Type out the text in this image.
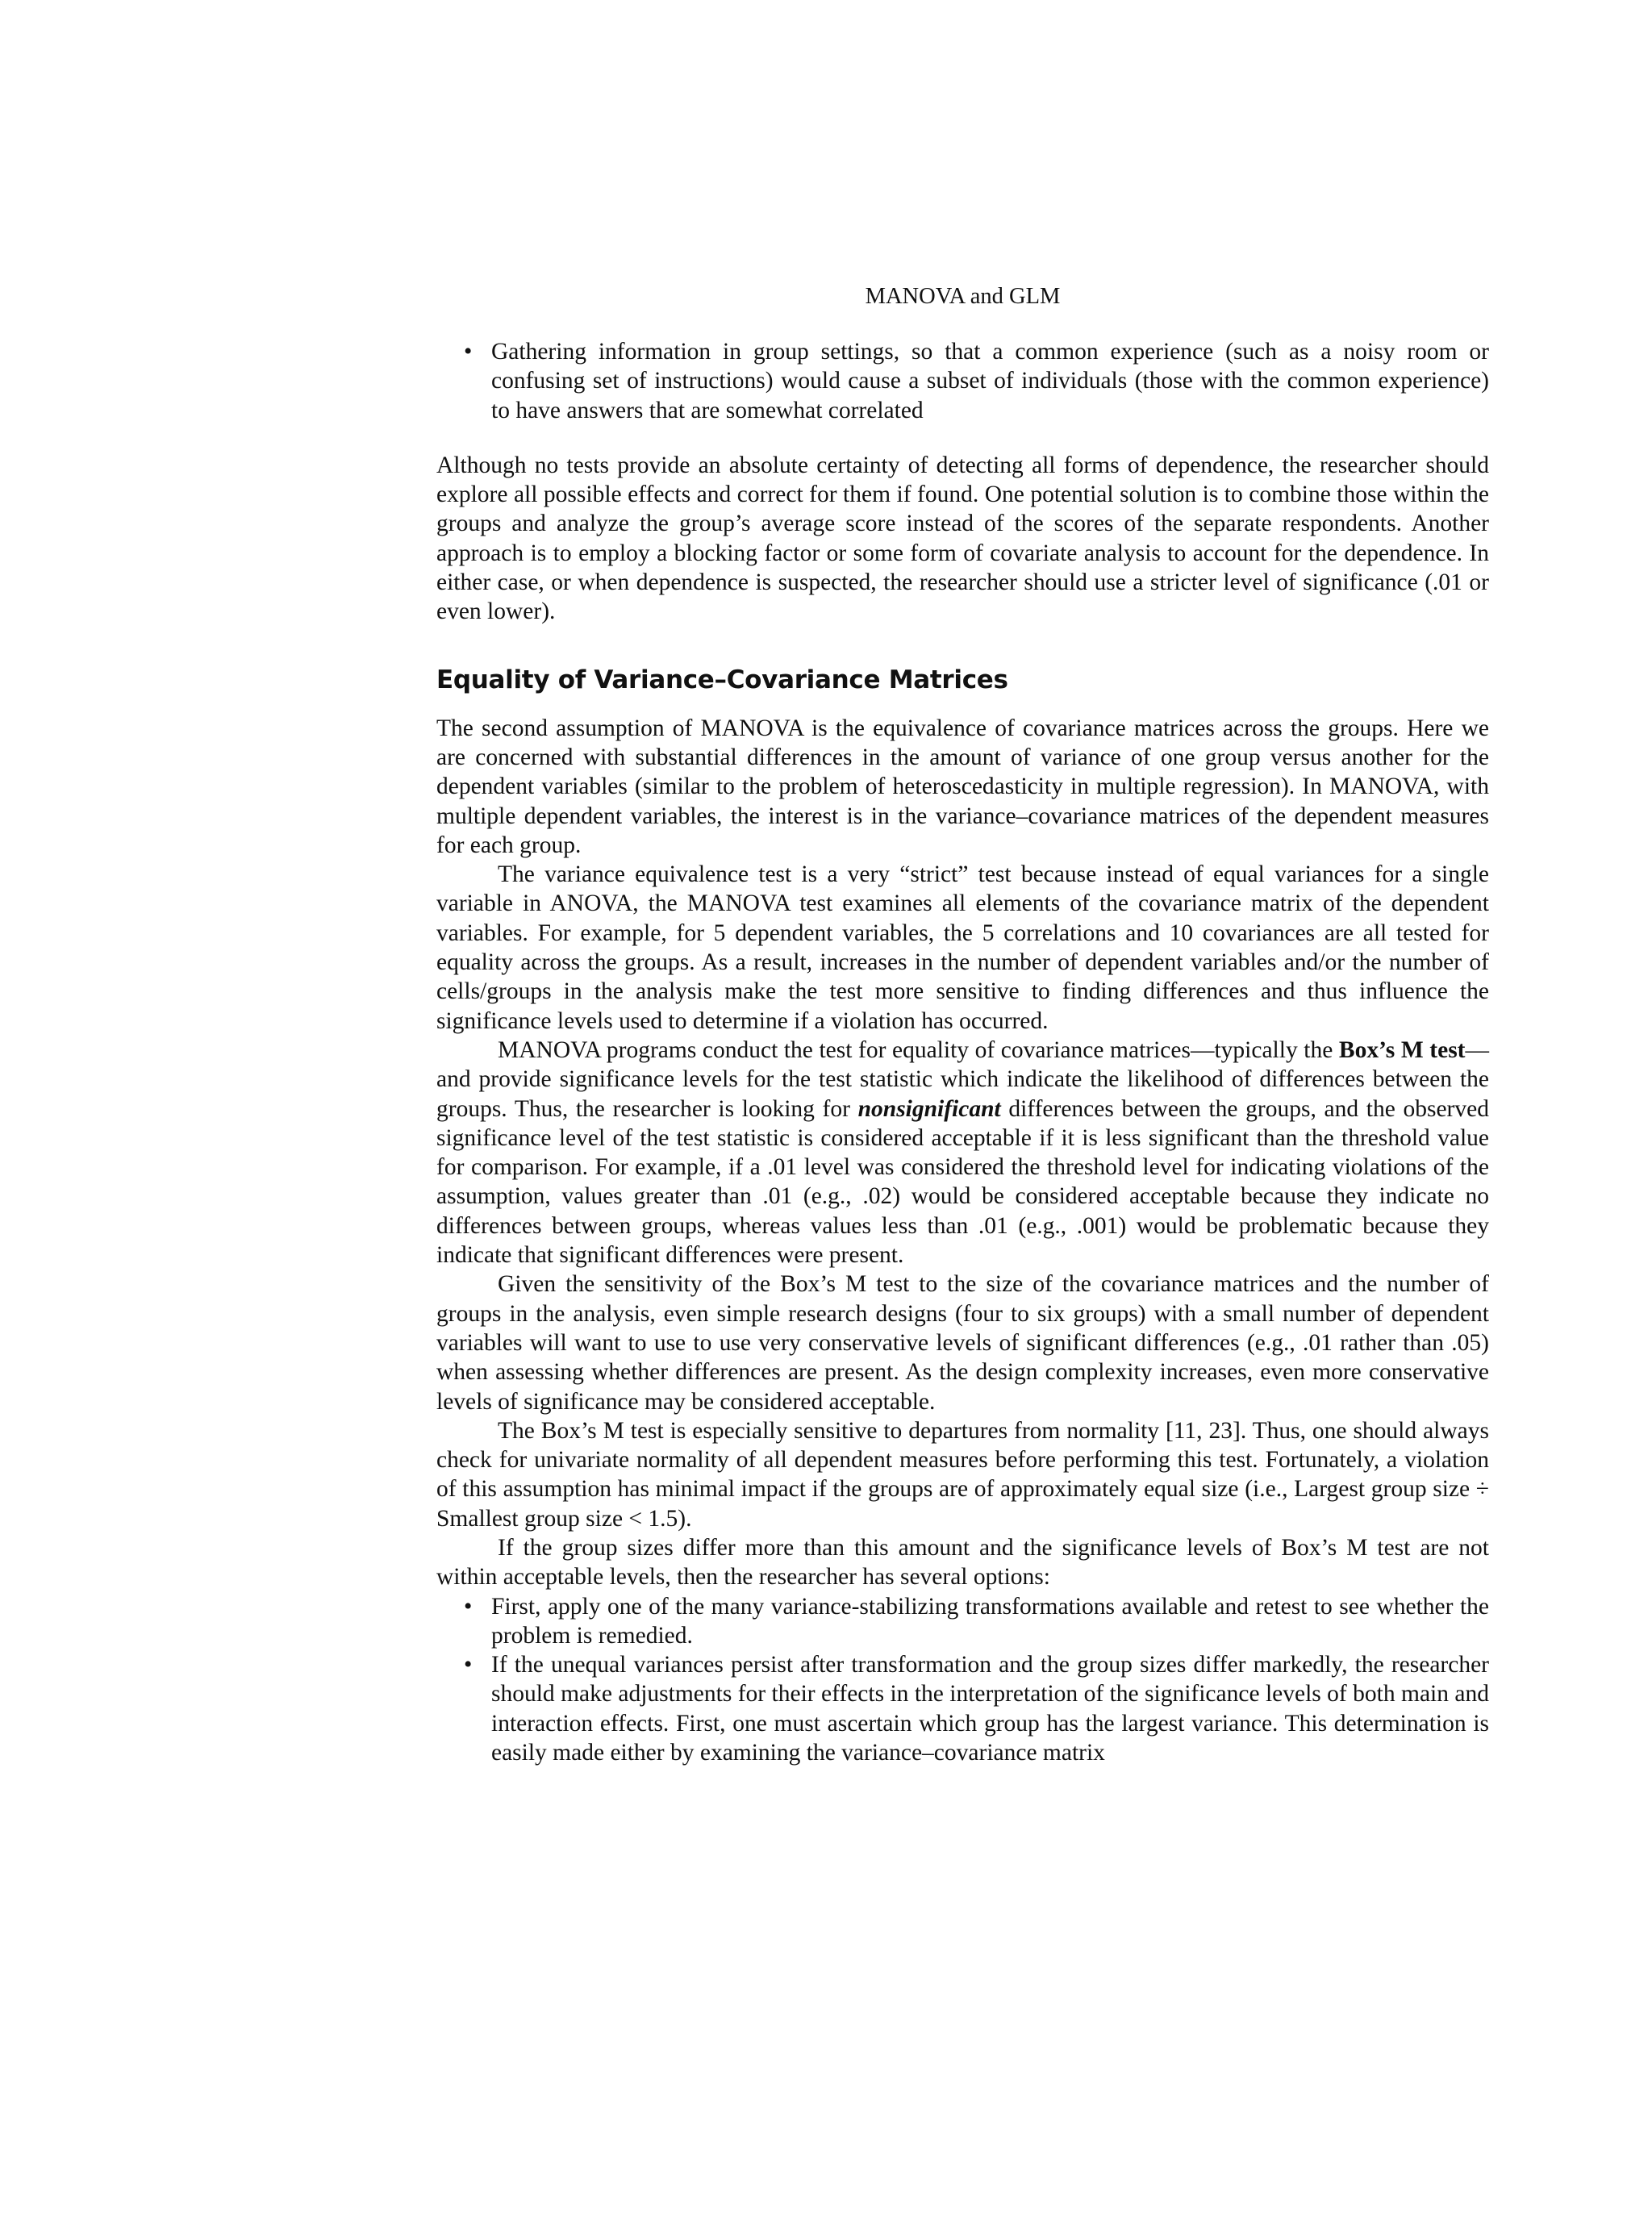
MANOVA and GLM
• Gathering information in group settings, so that a common experience (such as a noisy room or confusing set of instructions) would cause a subset of individuals (those with the common experience) to have answers that are somewhat correlated

Although no tests provide an absolute certainty of detecting all forms of dependence, the researcher should explore all possible effects and correct for them if found. One potential solution is to combine those within the groups and analyze the group’s average score instead of the scores of the separate respondents. Another approach is to employ a blocking factor or some form of covariate analysis to account for the dependence. In either case, or when dependence is suspected, the researcher should use a stricter level of significance (.01 or even lower).

Equality of Variance–Covariance Matrices

The second assumption of MANOVA is the equivalence of covariance matrices across the groups. Here we are concerned with substantial differences in the amount of variance of one group versus another for the dependent variables (similar to the problem of heteroscedasticity in multiple regression). In MANOVA, with multiple dependent variables, the interest is in the variance–covariance matrices of the dependent measures for each group.

The variance equivalence test is a very “strict” test because instead of equal variances for a single variable in ANOVA, the MANOVA test examines all elements of the covariance matrix of the dependent variables. For example, for 5 dependent variables, the 5 correlations and 10 covariances are all tested for equality across the groups. As a result, increases in the number of dependent variables and/or the number of cells/groups in the analysis make the test more sensitive to finding differences and thus influence the significance levels used to determine if a violation has occurred.

MANOVA programs conduct the test for equality of covariance matrices—typically the Box’s M test—and provide significance levels for the test statistic which indicate the likelihood of differences between the groups. Thus, the researcher is looking for nonsignificant differences between the groups, and the observed significance level of the test statistic is considered acceptable if it is less significant than the threshold value for comparison. For example, if a .01 level was considered the threshold level for indicating violations of the assumption, values greater than .01 (e.g., .02) would be considered acceptable because they indicate no differences between groups, whereas values less than .01 (e.g., .001) would be problematic because they indicate that significant differences were present.

Given the sensitivity of the Box’s M test to the size of the covariance matrices and the number of groups in the analysis, even simple research designs (four to six groups) with a small number of dependent variables will want to use to use very conservative levels of significant differences (e.g., .01 rather than .05) when assessing whether differences are present. As the design complexity increases, even more conservative levels of significance may be considered acceptable.

The Box’s M test is especially sensitive to departures from normality [11, 23]. Thus, one should always check for univariate normality of all dependent measures before performing this test. Fortunately, a violation of this assumption has minimal impact if the groups are of approximately equal size (i.e., Largest group size ÷ Smallest group size < 1.5).

If the group sizes differ more than this amount and the significance levels of Box’s M test are not within acceptable levels, then the researcher has several options:

• First, apply one of the many variance-stabilizing transformations available and retest to see whether the problem is remedied.
• If the unequal variances persist after transformation and the group sizes differ markedly, the researcher should make adjustments for their effects in the interpretation of the significance levels of both main and interaction effects. First, one must ascertain which group has the largest variance. This determination is easily made either by examining the variance–covariance matrix
